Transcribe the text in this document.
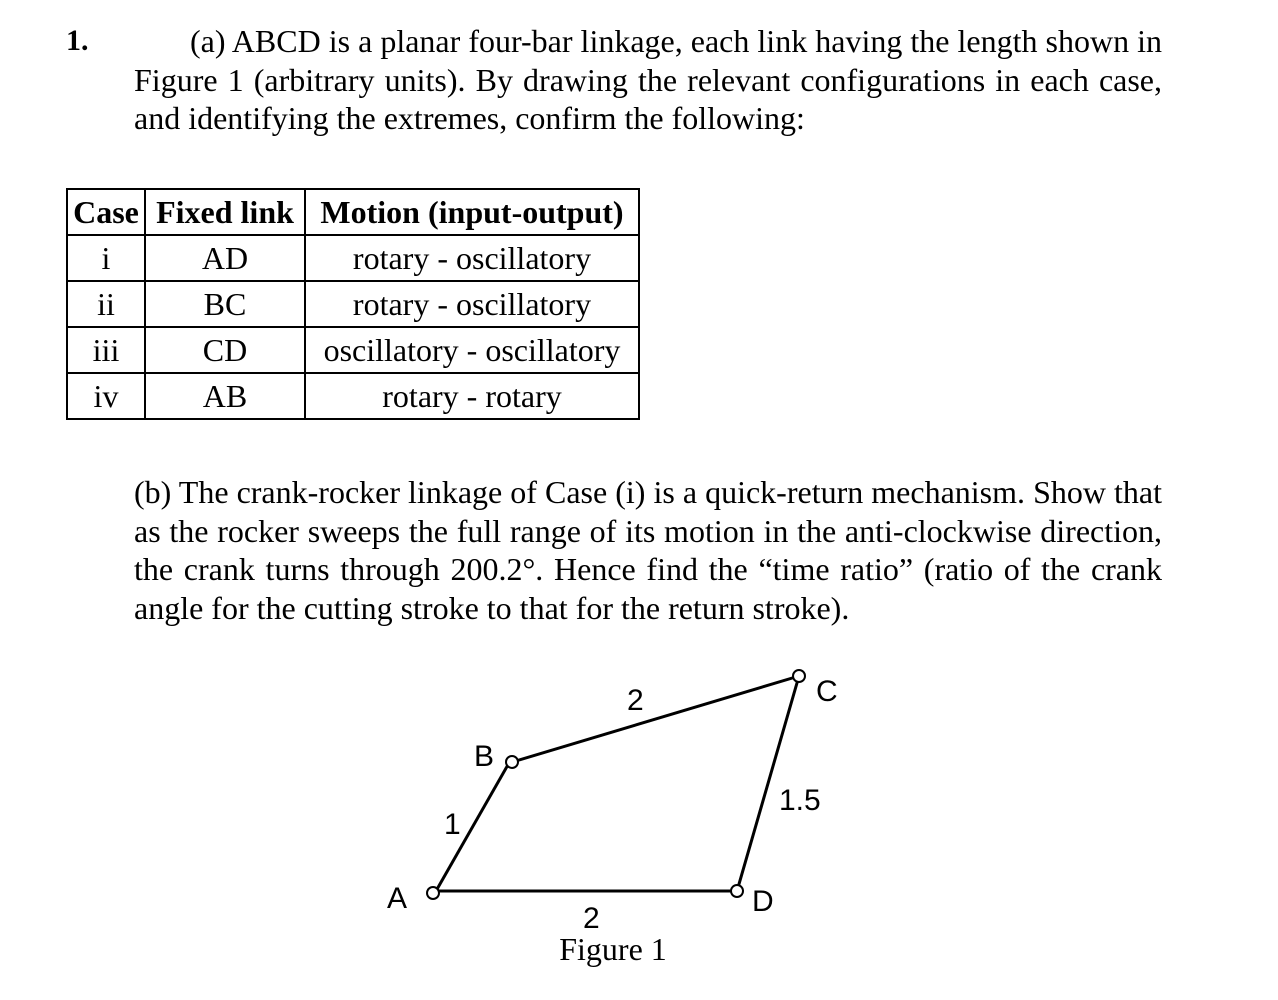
1.	(a) ABCD is a planar four-bar linkage, each link having the length shown in Figure 1 (arbitrary units). By drawing the relevant configurations in each case, and identifying the extremes, confirm the following:

Case	Fixed link	Motion (input-output)
i	AD	rotary - oscillatory
ii	BC	rotary - oscillatory
iii	CD	oscillatory - oscillatory
iv	AB	rotary - rotary

(b) The crank-rocker linkage of Case (i) is a quick-return mechanism. Show that as the rocker sweeps the full range of its motion in the anti-clockwise direction, the crank turns through 200.2°. Hence find the “time ratio” (ratio of the crank angle for the cutting stroke to that for the return stroke).

A
B
C
D
1
2
1.5
2
Figure 1
